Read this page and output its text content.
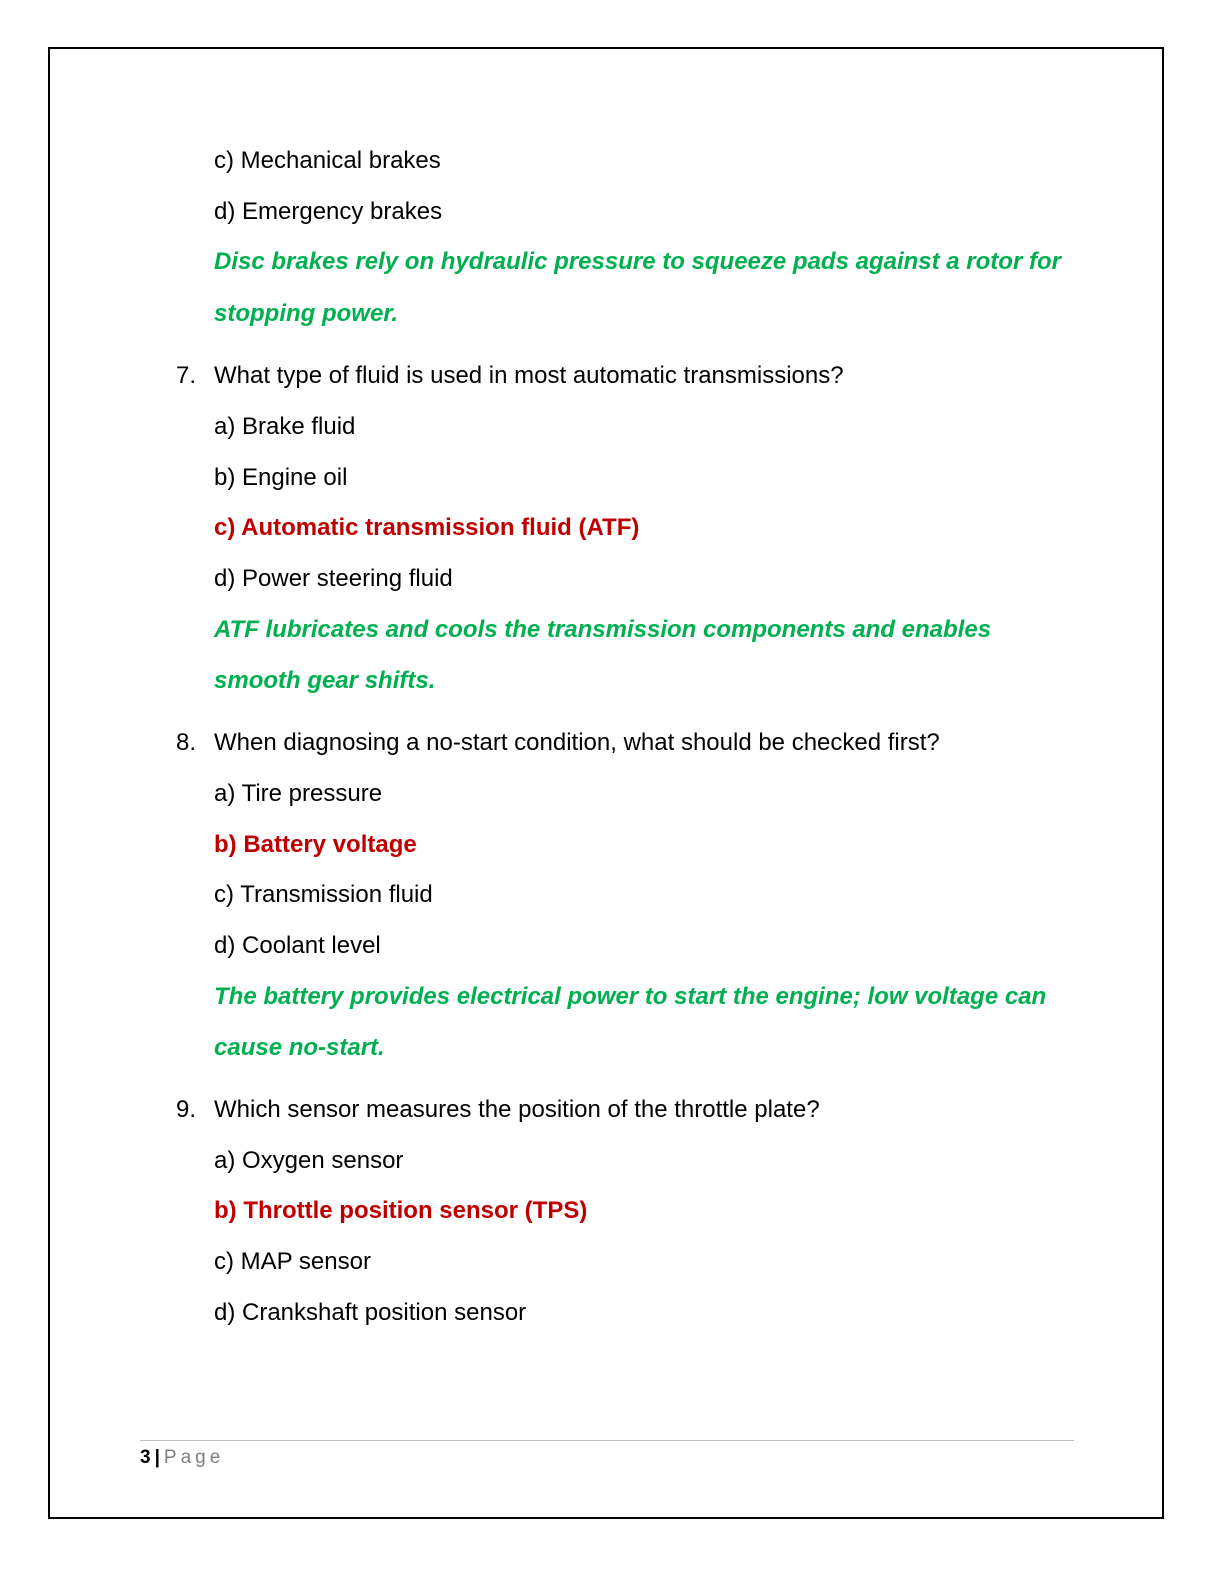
c) Mechanical brakes
d) Emergency brakes
Disc brakes rely on hydraulic pressure to squeeze pads against a rotor for
stopping power.
7. What type of fluid is used in most automatic transmissions?
a) Brake fluid
b) Engine oil
c) Automatic transmission fluid (ATF)
d) Power steering fluid
ATF lubricates and cools the transmission components and enables
smooth gear shifts.
8. When diagnosing a no-start condition, what should be checked first?
a) Tire pressure
b) Battery voltage
c) Transmission fluid
d) Coolant level
The battery provides electrical power to start the engine; low voltage can
cause no-start.
9. Which sensor measures the position of the throttle plate?
a) Oxygen sensor
b) Throttle position sensor (TPS)
c) MAP sensor
d) Crankshaft position sensor
3 | Page
